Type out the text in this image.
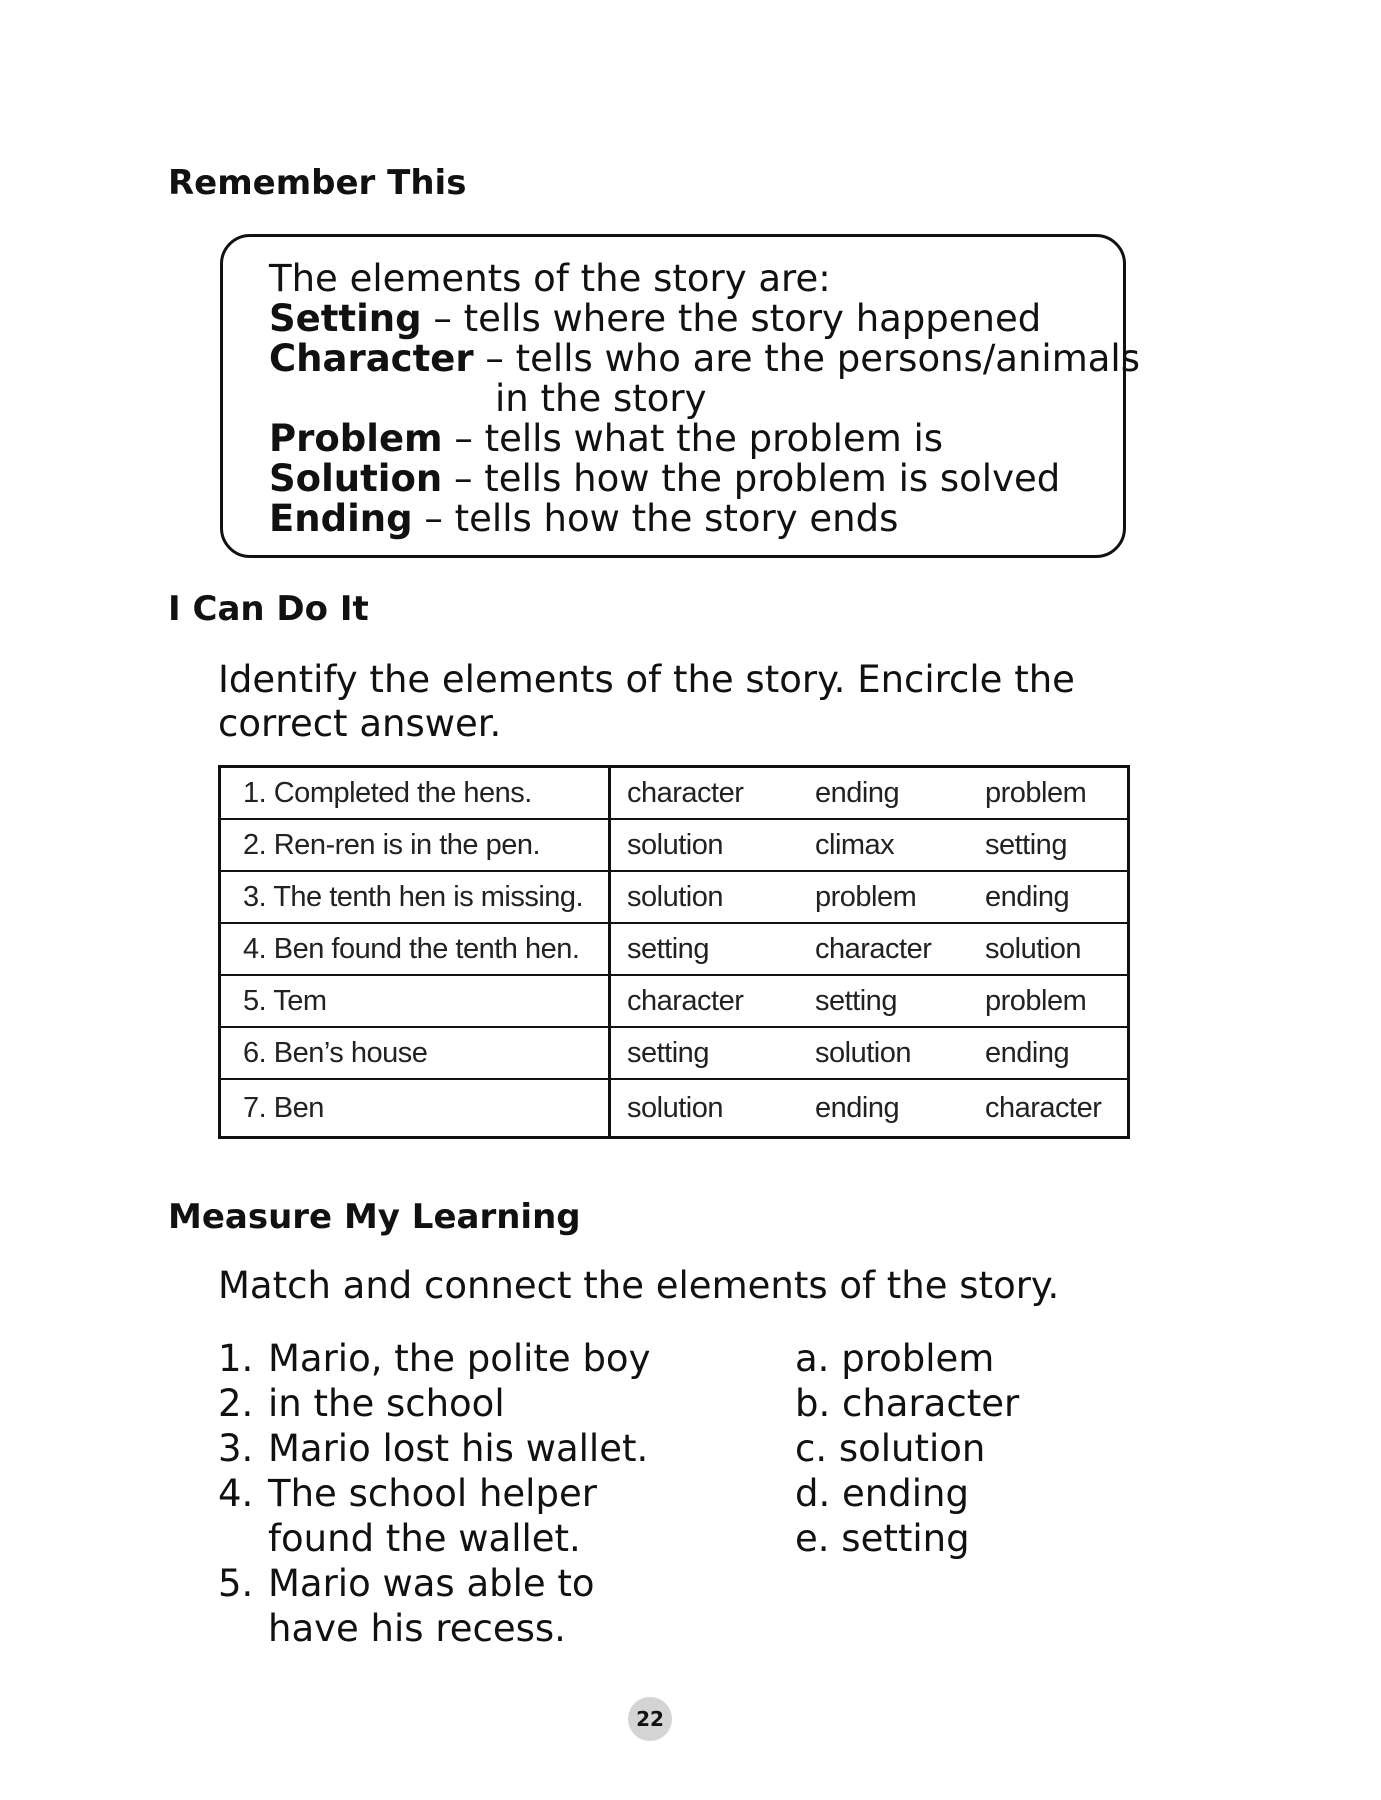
Remember This
The elements of the story are:
Setting – tells where the story happened
Character – tells who are the persons/animals
in the story
Problem – tells what the problem is
Solution – tells how the problem is solved
Ending – tells how the story ends
I Can Do It

Identify the elements of the story. Encircle the
correct answer.

1. Completed the hens.	character	ending	problem
2. Ren-ren is in the pen.	solution	climax	setting
3. The tenth hen is missing.	solution	problem	ending
4. Ben found the tenth hen.	setting	character	solution
5. Tem	character	setting	problem
6. Ben’s house	setting	solution	ending
7. Ben	solution	ending	character
Measure My Learning

Match and connect the elements of the story.

1. Mario, the polite boy
2. in the school
3. Mario lost his wallet.
4. The school helper
found the wallet.
5. Mario was able to
have his recess.
a. problem
b. character
c. solution
d. ending
e. setting
22
